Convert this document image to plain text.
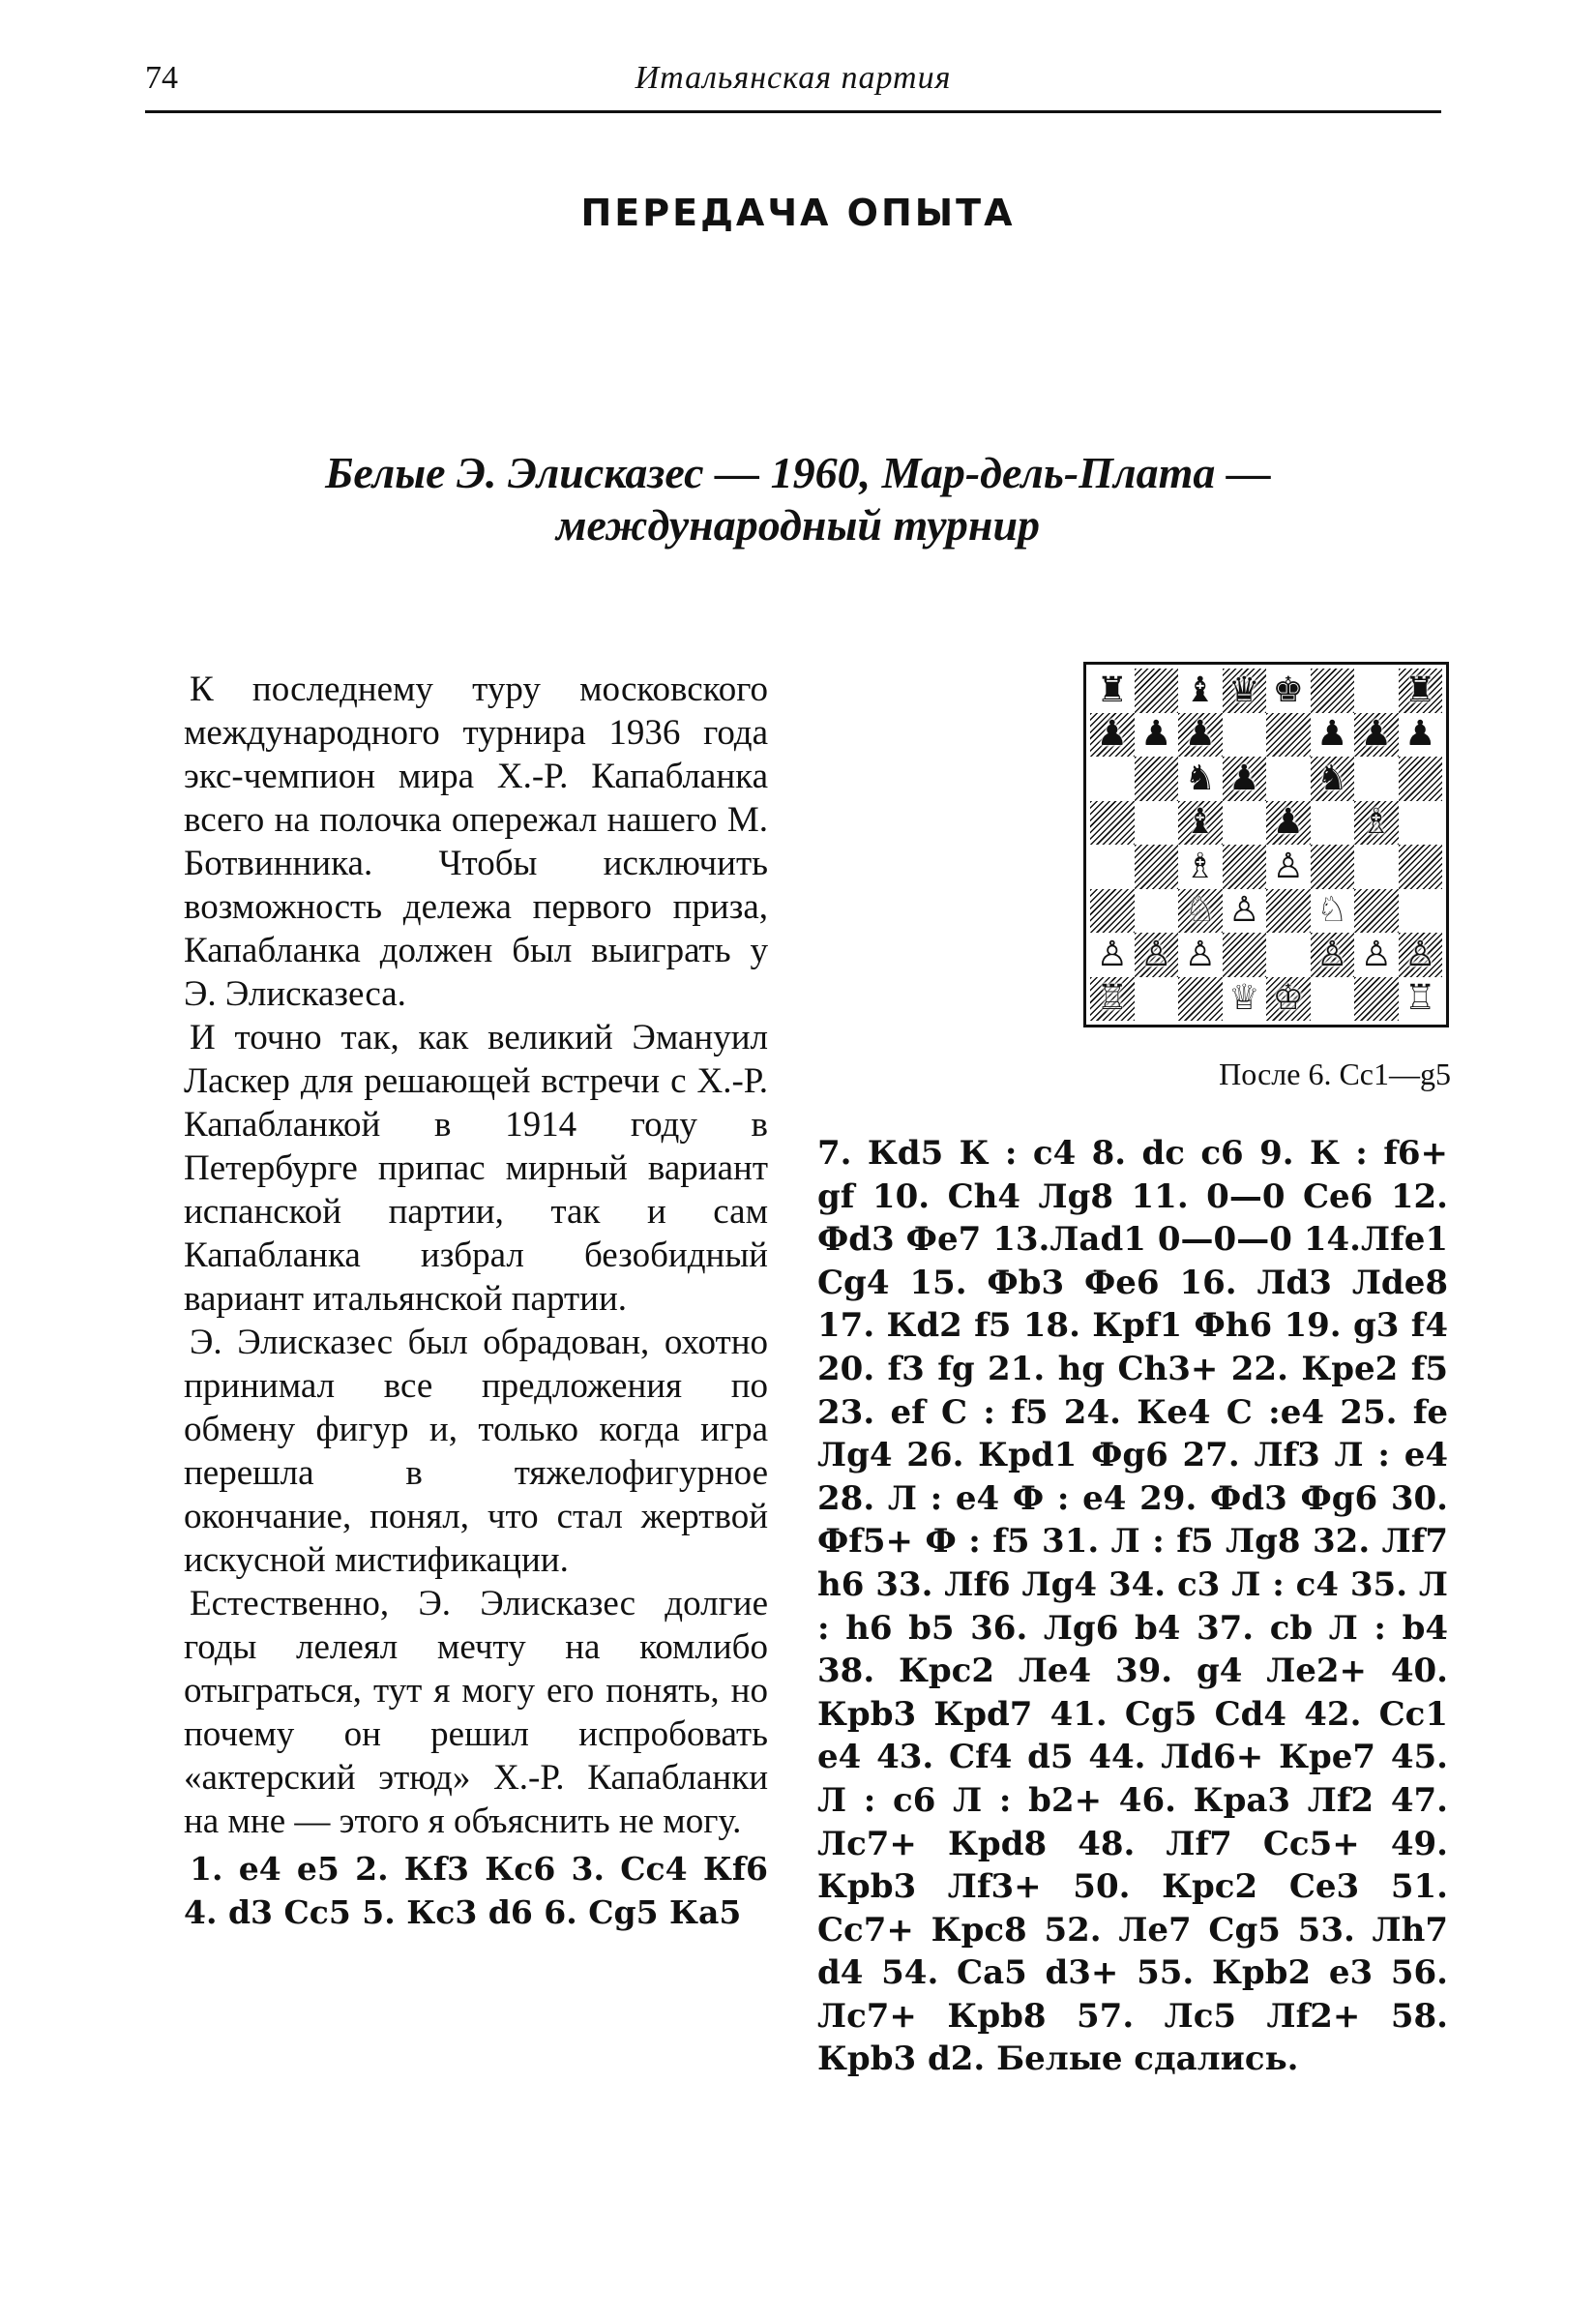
74	Итальянская партия
ПЕРЕДАЧА ОПЫТА
Белые Э. Элисказес — 1960, Мар-дель-Плата —
международный турнир

К последнему туру московского международного турнира 1936 года экс-чемпион мира Х.-Р. Капабланка всего на полочка опережал нашего М. Ботвинника. Чтобы исключить возможность дележа первого приза, Капабланка должен был выиграть у Э. Элисказеса.

И точно так, как великий Эмануил Ласкер для решающей встречи с Х.-Р. Капабланкой в 1914 году в Петербурге припас мирный вариант испанской партии, так и сам Капабланка избрал безобидный вариант итальянской партии.

Э. Элисказес был обрадован, охотно принимал все предложения по обмену фигур и, только когда игра перешла в тяжелофигурное окончание, понял, что стал жертвой искусной мистификации.

Естественно, Э. Элисказес долгие годы лелеял мечту на комлибо отыграться, тут я могу его понять, но почему он решил испробовать «актерский этюд» Х.-Р. Капабланки на мне — этого я объяснить не могу.

1. e4 e5 2. Кf3 Кc6 3. Сc4 Кf6 4. d3 Сc5 5. Кc3 d6 6. Сg5 Кa5

♜ ♝ ♛ ♚	♜
♟ ♟ ♟	♟ ♟ ♟
♞ ♟ ♞
♝ ♟ ♗
♗ ♙
♘ ♙ ♘
♙ ♙ ♙	♙ ♙ ♙
♖	♕ ♔	♖
После 6. Сc1—g5
7. Кd5 К : c4 8. dc c6 9. К : f6+ gf 10. Сh4 Лg8 11. 0—0 Сe6 12. Фd3 Фe7 13.Лad1 0—0—0 14.Лfe1 Сg4 15. Фb3 Фe6 16. Лd3 Лde8 17. Кd2 f5 18. Кpf1 Фh6 19. g3 f4 20. f3 fg 21. hg Сh3+ 22. Кpe2 f5 23. ef С : f5 24. Кe4 С :e4 25. fe Лg4 26. Кpd1 Фg6 27. Лf3 Л : e4 28. Л : e4 Ф : e4 29. Фd3 Фg6 30. Фf5+ Ф : f5 31. Л : f5 Лg8 32. Лf7 h6 33. Лf6 Лg4 34. c3 Л : c4 35. Л : h6 b5 36. Лg6 b4 37. cb Л : b4 38. Кpc2 Лe4 39. g4 Лe2+ 40. Кpb3 Кpd7 41. Сg5 Сd4 42. Сc1 e4 43. Сf4 d5 44. Лd6+ Кpe7 45. Л : c6 Л : b2+ 46. Кpa3 Лf2 47. Лc7+ Кpd8 48. Лf7 Сc5+ 49. Кpb3 Лf3+ 50. Кpc2 Сe3 51. Сc7+ Кpc8 52. Лe7 Сg5 53. Лh7 d4 54. Сa5 d3+ 55. Кpb2 e3 56. Лc7+ Кpb8 57. Лc5 Лf2+ 58. Кpb3 d2. Белые сдались.
